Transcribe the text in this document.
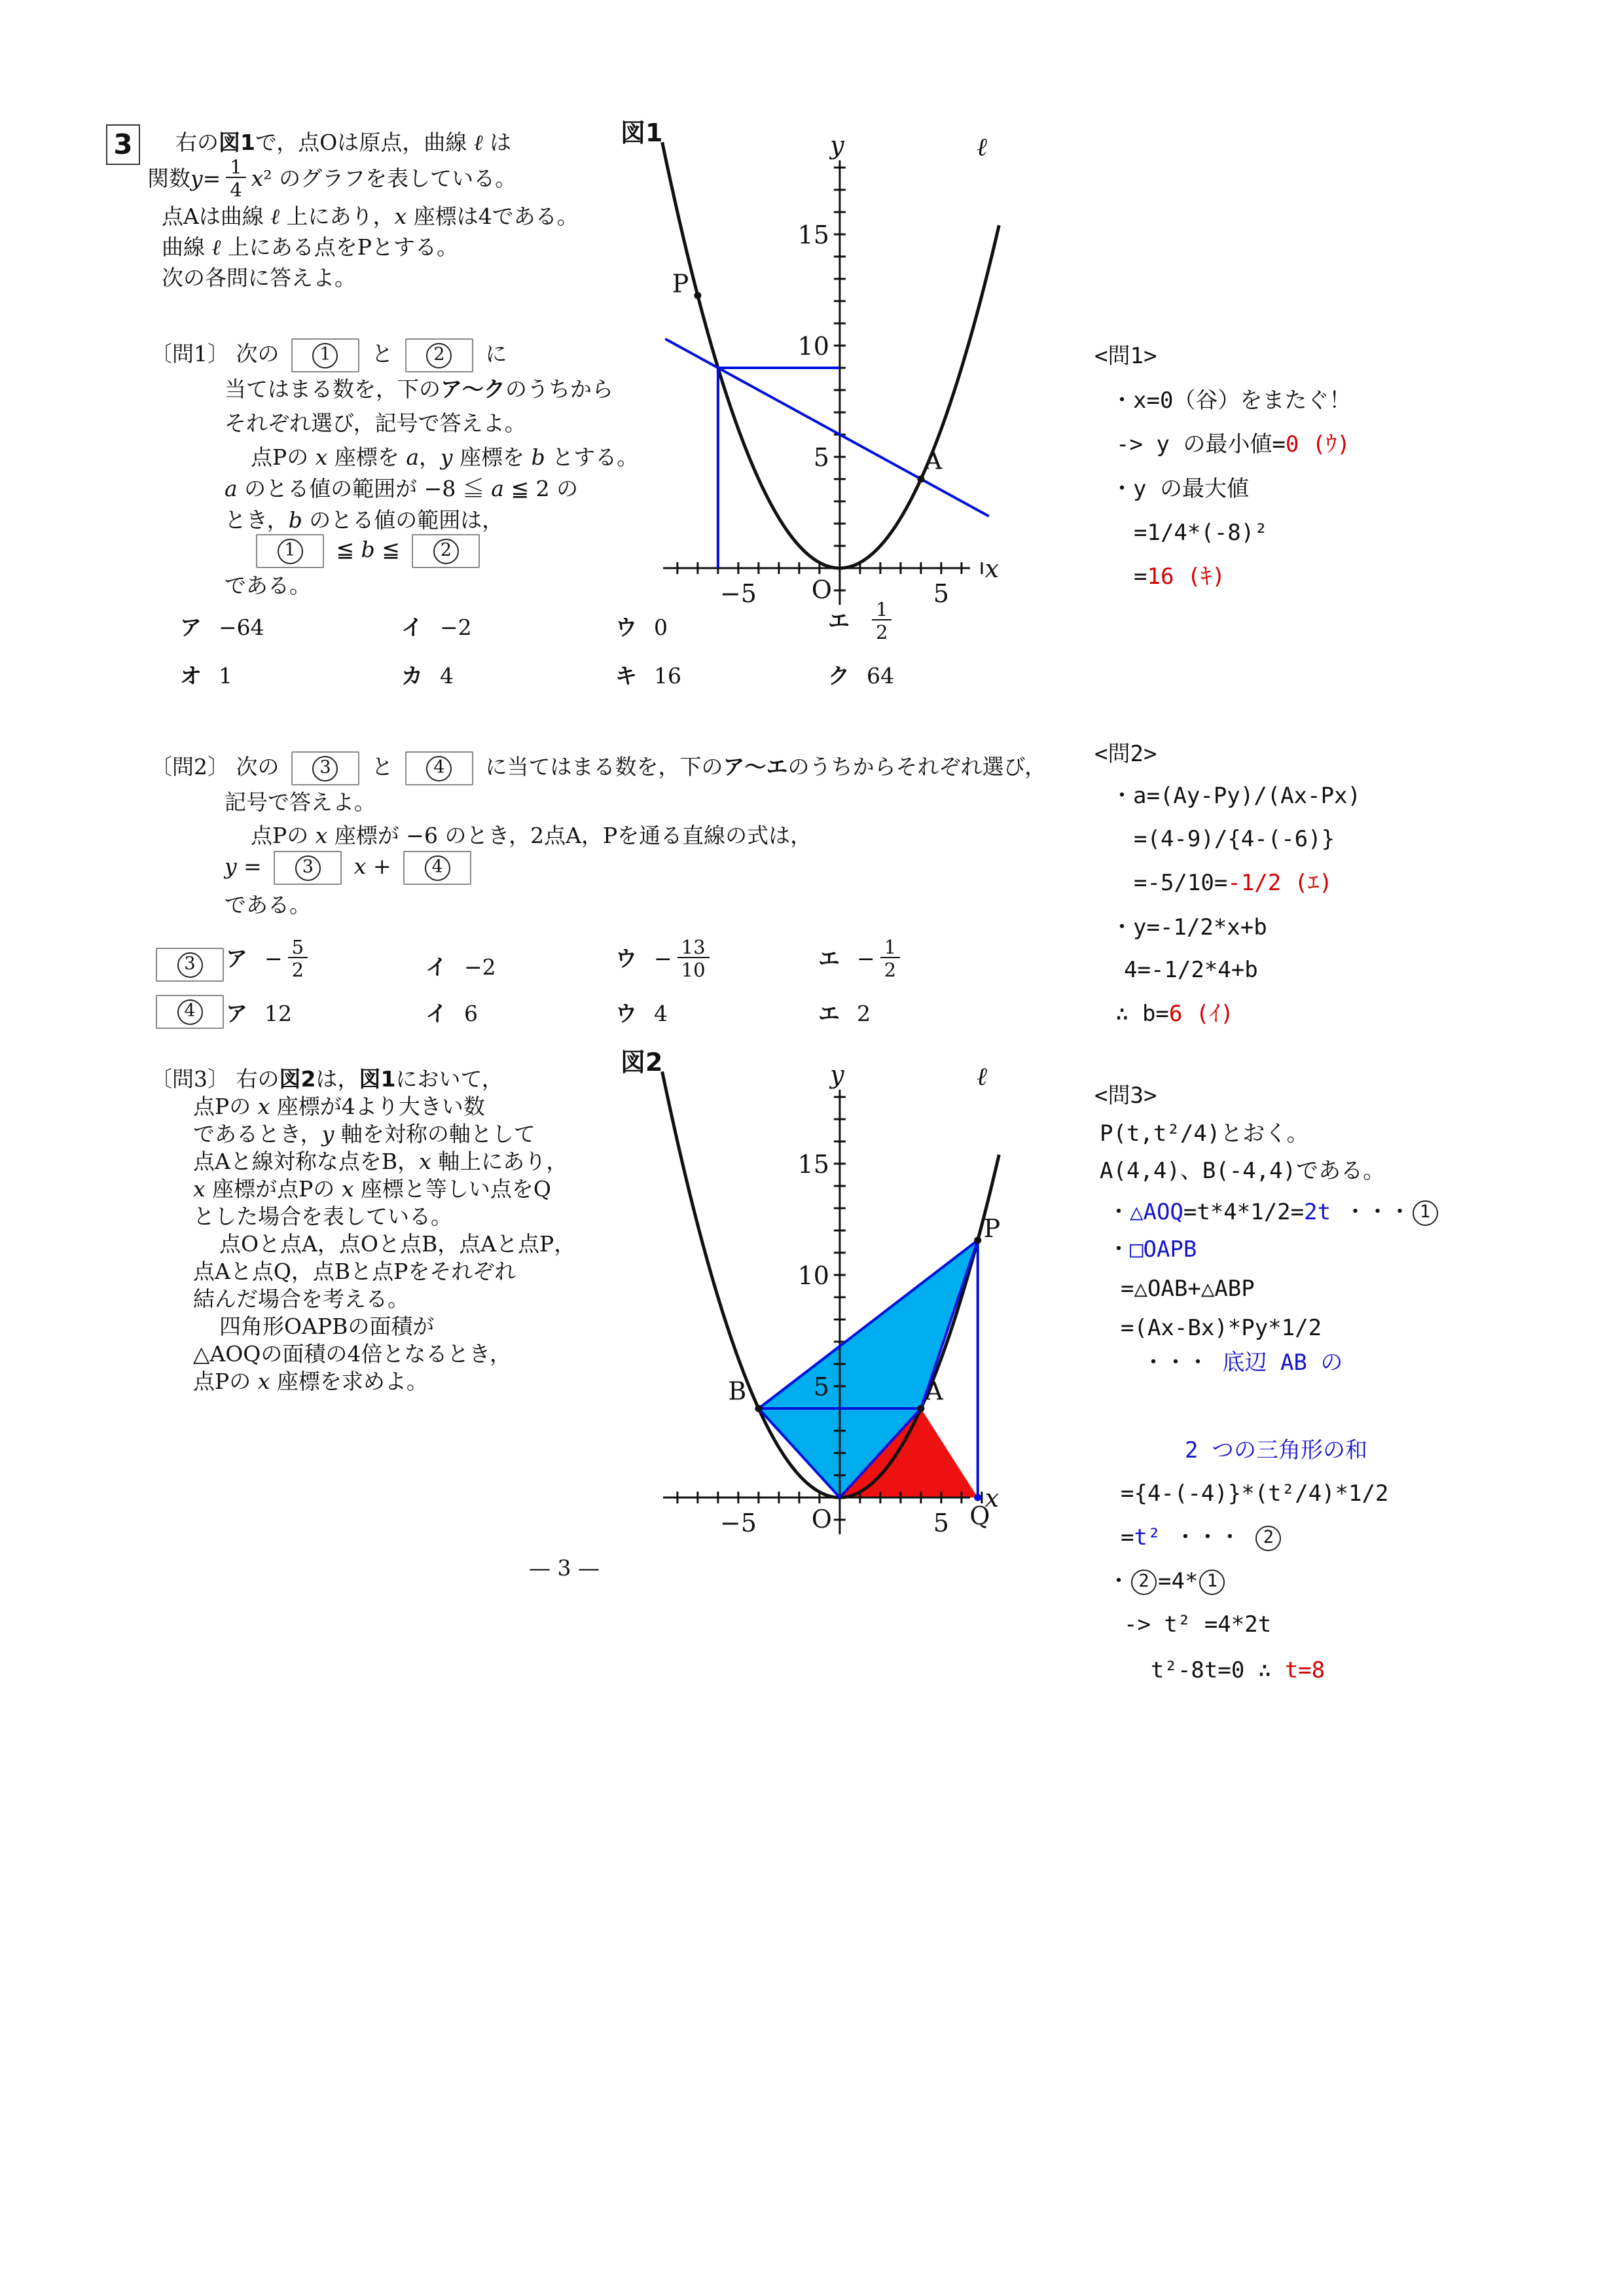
3	右の図1で，点Oは原点，曲線 ℓ は
関数 $y = \frac{1}{4}$ x ² のグラフを表している。
点Aは曲線 ℓ 上にあり，x 座標は4である。
曲線 ℓ 上にある点をPとする。
次の各問に答えよ。
〔問1〕 次の 1 と 2 に
当てはまる数を，下のア～クのうちから
それぞれ選び，記号で答えよ。
点Pの x 座標を a，y 座標を b とする。
a のとる値の範囲が −8 ≦ a ≦ 2 の
とき，b のとる値の範囲は，
1 ≦ b ≦ 2
である。
ア −64	イ −2	ウ 0	エ $\frac{1}{2}$
オ 1	カ 4	キ 16	ク 64
〔問2〕 次の 3 と 4 に当てはまる数を，下のア～エのうちからそれぞれ選び，
記号で答えよ。
点Pの x 座標が −6 のとき，2点A，Pを通る直線の式は，
y = 3 x + 4
である。
3	ア − $\frac{5}{2}$	イ −2	ウ − $\frac{13}{10}$	エ − $\frac{1}{2}$
4	ア 12	イ 6	ウ 4	エ 2
〔問3〕 右の図2は，図1において，
点Pの x 座標が4より大きい数
であるとき，y 軸を対称の軸として
点Aと線対称な点をB，x 軸上にあり，
x 座標が点Pの x 座標と等しい点をQ
とした場合を表している。
点Oと点A，点Oと点B，点Aと点P，
点Aと点Q，点Bと点Pをそれぞれ
結んだ場合を考える。
四角形OAPBの面積が
△AOQの面積の4倍となるとき，
点Pの x 座標を求めよ。
<問1>
・x=0（谷）をまたぐ！
-> y の最小値=0 (ｳ)
・y の最大値
=1/4*(-8)²
=16 (ｷ)
<問2>
・a=(Ay-Py)/(Ax-Px)
=(4-9)/{4-(-6)}
=-5/10=-1/2 (ｴ)
・y=-1/2*x+b
4=-1/2*4+b
∴ b=6 (ｲ)
<問3>
P(t,t²/4)とおく。
A(4,4)、B(-4,4)である。
・△AOQ=t*4*1/2=2t ・・・ 1
・□OAPB
=△OAB+△ABP
=(Ax-Bx)*Py*1/2
・・・ 底辺 AB の
2 つの三角形の和
={4-(-4)}*(t²/4)*1/2
=t² ・・・ 2
・ 2 =4* 1
-> t² =4*2t
t²-8t=0 ∴ t=8
図1
図2
— 3 —
P
A
−5	5
5
10
15
O
x
y	ℓ
B	A
P
Q
−5	5
5
10
15
O
x
y	ℓ
